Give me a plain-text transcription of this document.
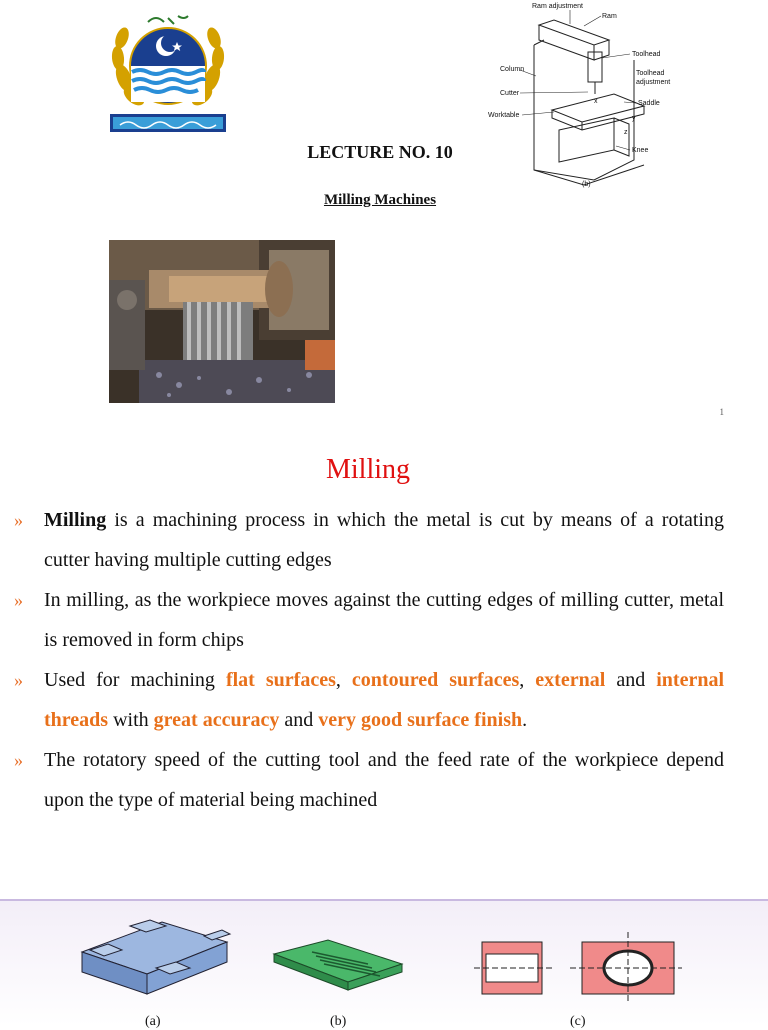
LECTURE NO. 10
Milling Machines
Ram adjustment
Ram
Column
Toolhead
Toolhead
adjustment
Cutter
Saddle
Worktable	y
x
z
Knee
(b)
1
Milling
» Milling is a machining process in which the metal is cut by means of a rotating cutter having multiple cutting edges
» In milling, as the workpiece moves against the cutting edges of milling cutter, metal is removed in form chips
» Used for machining flat surfaces, contoured surfaces, external and internal threads with great accuracy and very good surface finish.
» The rotatory speed of the cutting tool and the feed rate of the workpiece depend upon the type of material being machined
(a)	(b)	(c)
